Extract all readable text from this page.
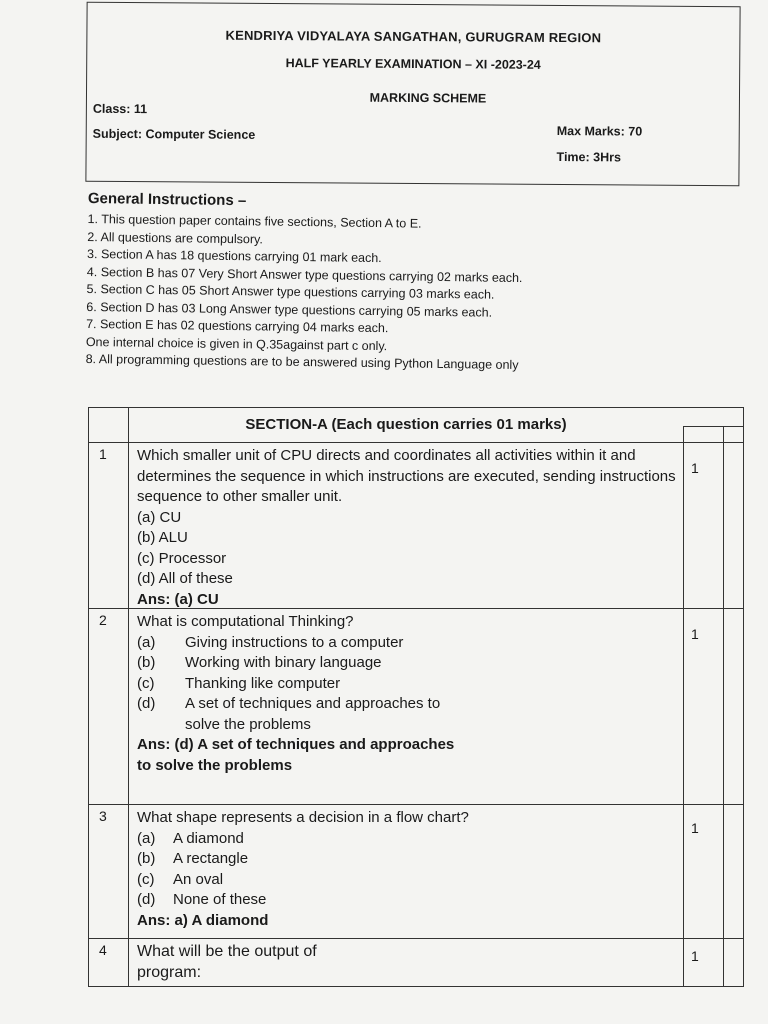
KENDRIYA VIDYALAYA SANGATHAN, GURUGRAM REGION
HALF YEARLY EXAMINATION – XI -2023-24
MARKING SCHEME
Class: 11
Subject: Computer Science	Max Marks: 70
Time: 3Hrs
General Instructions –
1. This question paper contains five sections, Section A to E.
2. All questions are compulsory.
3. Section A has 18 questions carrying 01 mark each.
4. Section B has 07 Very Short Answer type questions carrying 02 marks each.
5. Section C has 05 Short Answer type questions carrying 03 marks each.
6. Section D has 03 Long Answer type questions carrying 05 marks each.
7. Section E has 02 questions carrying 04 marks each.
One internal choice is given in Q.35against part c only.
8. All programming questions are to be answered using Python Language only
SECTION-A (Each question carries 01 marks)
1 Which smaller unit of CPU directs and coordinates all activities within it and determines the sequence in which instructions are executed, sending instructions sequence to other smaller unit.
(a) CU
(b) ALU
(c) Processor
(d) All of these
Ans: (a) CU
1
2 What is computational Thinking?
(a) Giving instructions to a computer
(b) Working with binary language
(c) Thanking like computer
(d) A set of techniques and approaches to
solve the problems
Ans: (d) A set of techniques and approaches
to solve the problems
1
3 What shape represents a decision in a flow chart?
(a) A diamond
(b) A rectangle
(c) An oval
(d) None of these
Ans: a) A diamond
1
4 What will be the output of
program:
1
